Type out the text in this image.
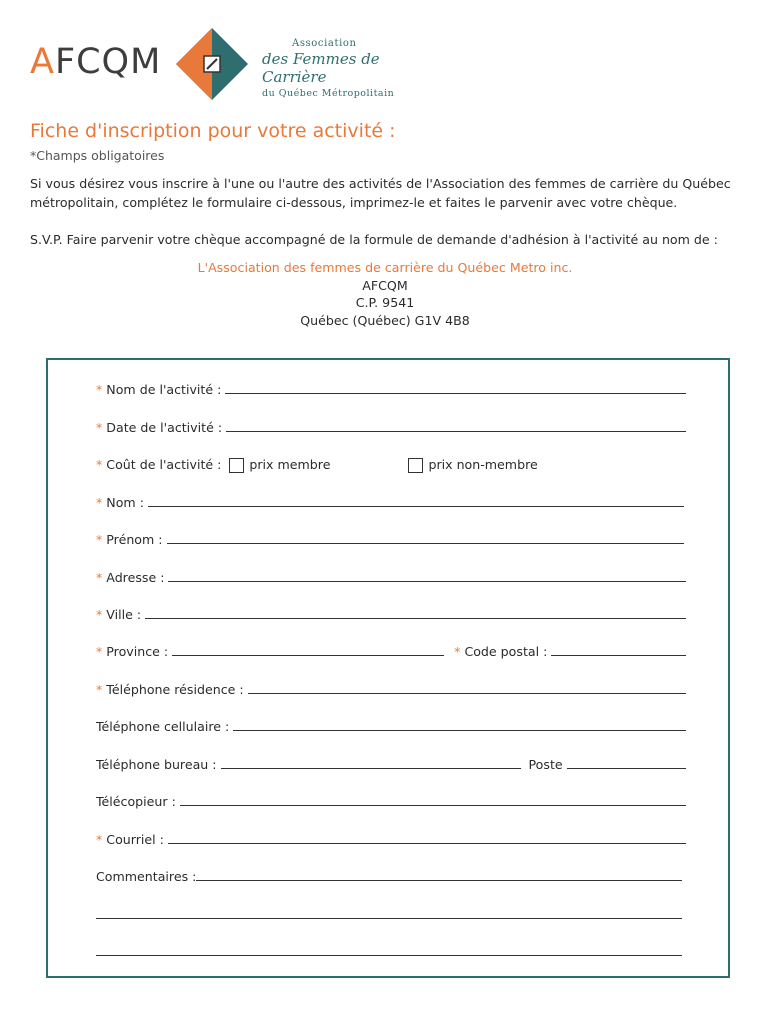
AFCQM	Association
des Femmes de Carrière
du Québec Métropolitain
Fiche d'inscription pour votre activité :
*Champs obligatoires

Si vous désirez vous inscrire à l'une ou l'autre des activités de l'Association des femmes de carrière du Québec métropolitain, complétez le formulaire ci-dessous, imprimez-le et faites le parvenir avec votre chèque.

S.V.P. Faire parvenir votre chèque accompagné de la formule de demande d'adhésion à l'activité au nom de :

L'Association des femmes de carrière du Québec Metro inc.
AFCQM
C.P. 9541
Québec (Québec) G1V 4B8
* Nom de l'activité :
* Date de l'activité :
* Coût de l'activité : prix membre	prix non-membre
* Nom :
* Prénom :
* Adresse :
* Ville :
* Province :	* Code postal :
* Téléphone résidence :
Téléphone cellulaire :
Téléphone bureau :	Poste
Télécopieur :
* Courriel :
Commentaires :
